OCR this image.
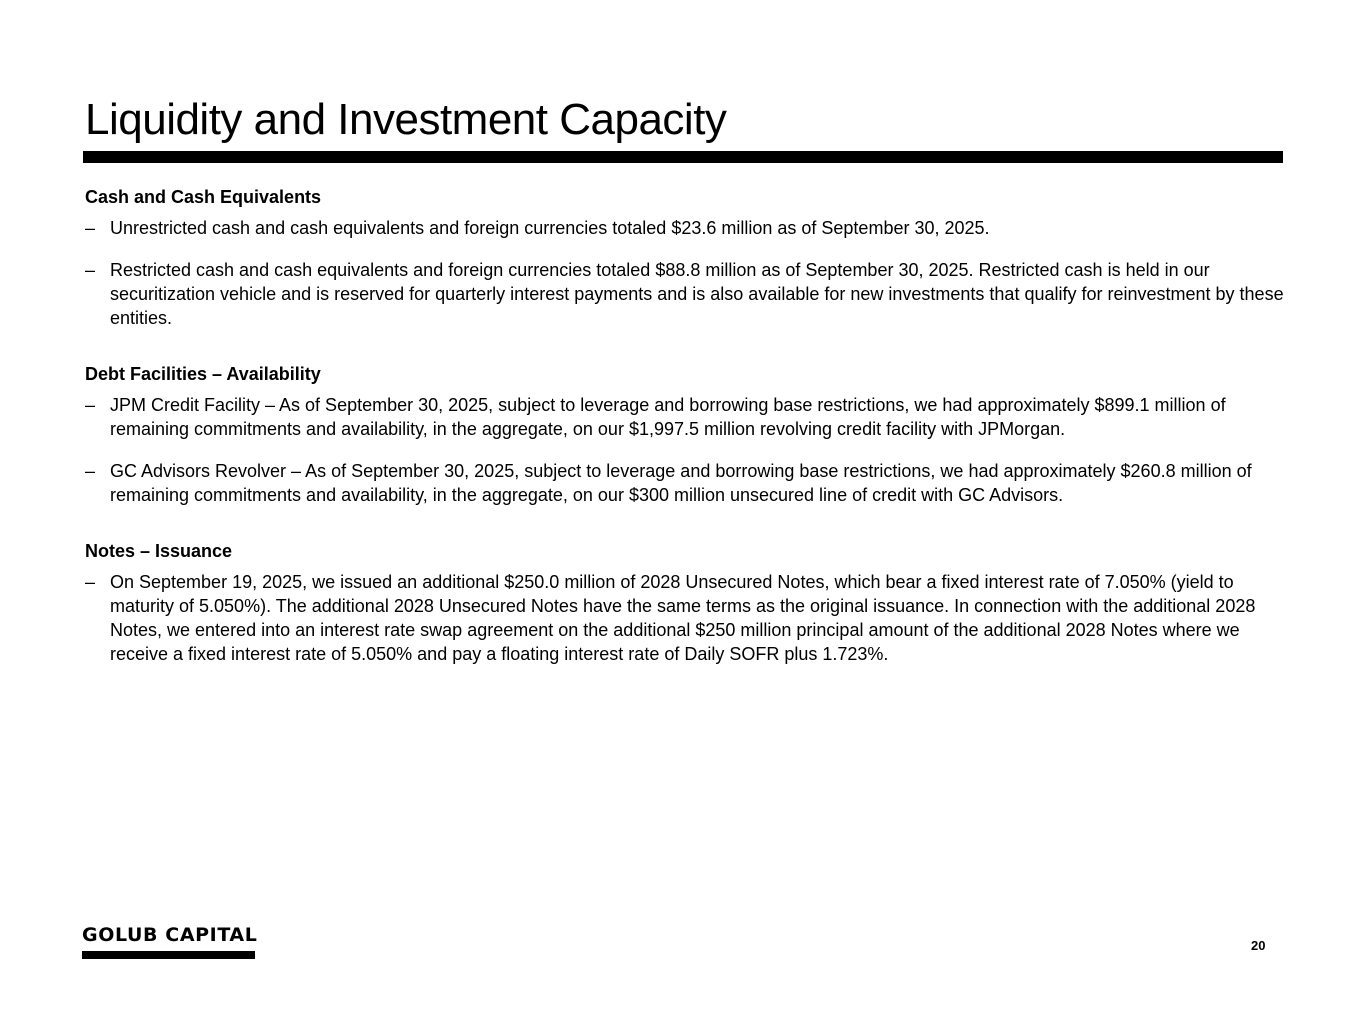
Liquidity and Investment Capacity
Cash and Cash Equivalents
– Unrestricted cash and cash equivalents and foreign currencies totaled $23.6 million as of September 30, 2025.
– Restricted cash and cash equivalents and foreign currencies totaled $88.8 million as of September 30, 2025. Restricted cash is held in our securitization vehicle and is reserved for quarterly interest payments and is also available for new investments that qualify for reinvestment by these entities.
Debt Facilities – Availability
– JPM Credit Facility – As of September 30, 2025, subject to leverage and borrowing base restrictions, we had approximately $899.1 million of remaining commitments and availability, in the aggregate, on our $1,997.5 million revolving credit facility with JPMorgan.
– GC Advisors Revolver – As of September 30, 2025, subject to leverage and borrowing base restrictions, we had approximately $260.8 million of remaining commitments and availability, in the aggregate, on our $300 million unsecured line of credit with GC Advisors.
Notes – Issuance
– On September 19, 2025, we issued an additional $250.0 million of 2028 Unsecured Notes, which bear a fixed interest rate of 7.050% (yield to maturity of 5.050%). The additional 2028 Unsecured Notes have the same terms as the original issuance. In connection with the additional 2028 Notes, we entered into an interest rate swap agreement on the additional $250 million principal amount of the additional 2028 Notes where we receive a fixed interest rate of 5.050% and pay a floating interest rate of Daily SOFR plus 1.723%.
GOLUB CAPITAL	20
